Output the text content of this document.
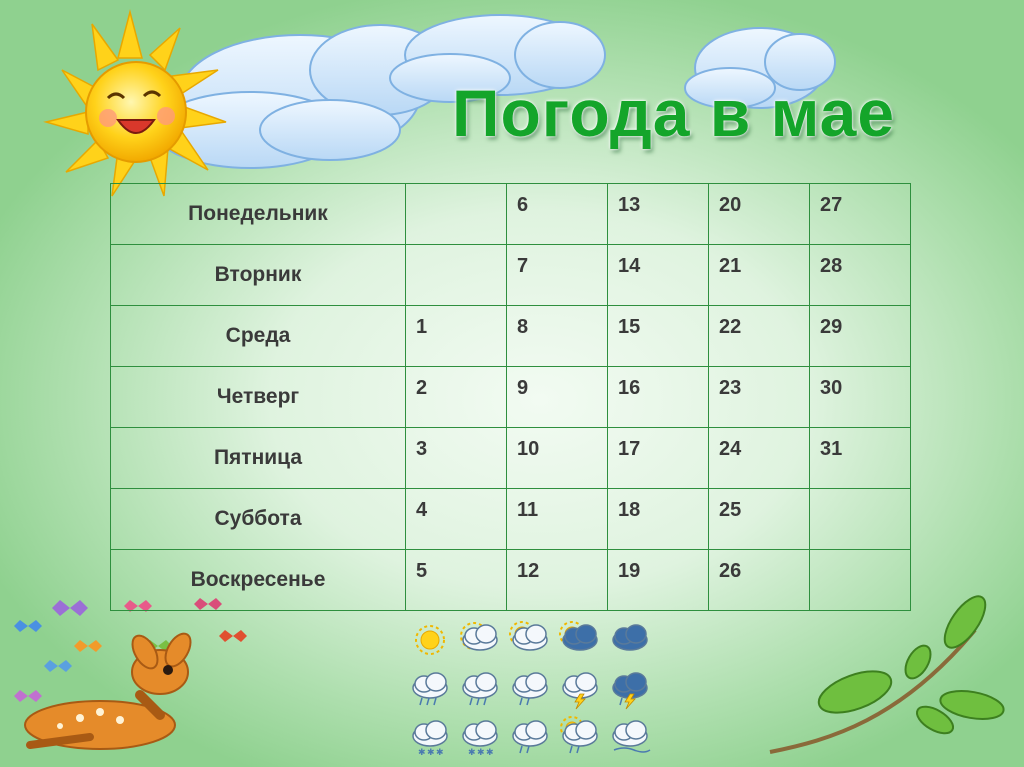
Погода в мае
Понедельник		6	13	20	27

Вторник		7	14	21	28

Среда	1	8	15	22	29

Четверг	2	9	16	23	30

Пятница	3	10	17	24	31

Суббота	4	11	18	25	

Воскресенье	5	12	19	26	

✱ ✱ ✱	✱ ✱ ✱
